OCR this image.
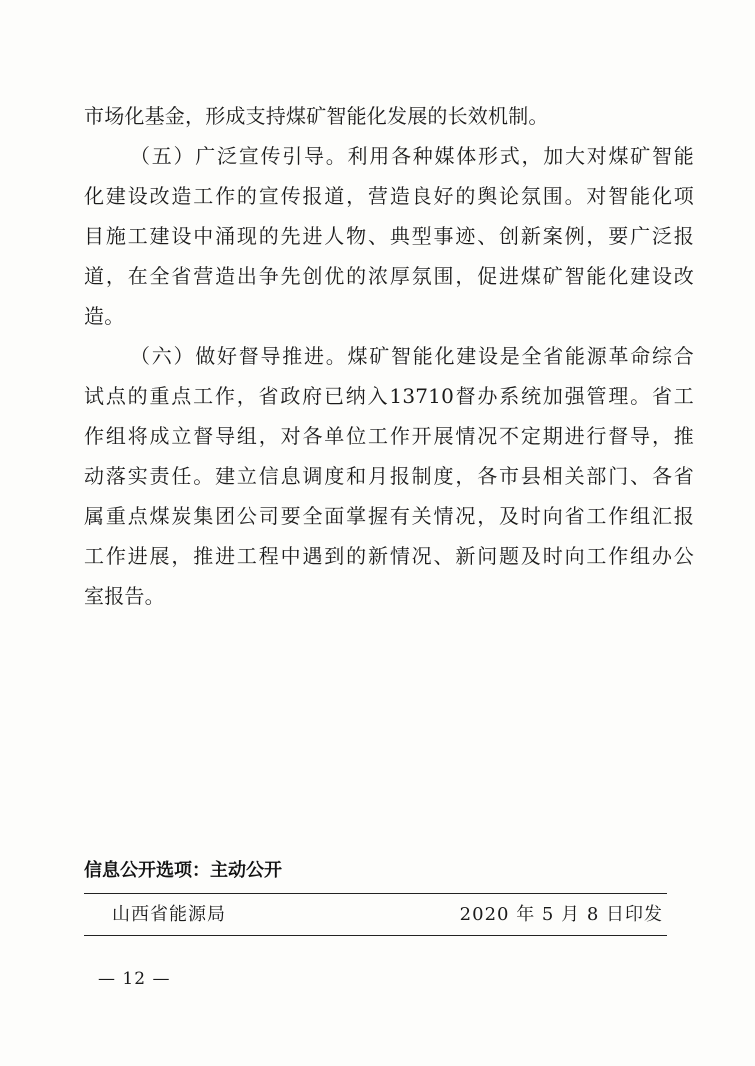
市场化基金，形成支持煤矿智能化发展的长效机制。
（五）广泛宣传引导。利用各种媒体形式，加大对煤矿智能
化建设改造工作的宣传报道，营造良好的舆论氛围。对智能化项
目施工建设中涌现的先进人物、典型事迹、创新案例，要广泛报
道，在全省营造出争先创优的浓厚氛围，促进煤矿智能化建设改
造。
（六）做好督导推进。煤矿智能化建设是全省能源革命综合
试点的重点工作，省政府已纳入13710督办系统加强管理。省工
作组将成立督导组，对各单位工作开展情况不定期进行督导，推
动落实责任。建立信息调度和月报制度，各市县相关部门、各省
属重点煤炭集团公司要全面掌握有关情况，及时向省工作组汇报
工作进展，推进工程中遇到的新情况、新问题及时向工作组办公
室报告。
信息公开选项：主动公开
山西省能源局	2020 年 5 月 8 日印发
— 12 —
